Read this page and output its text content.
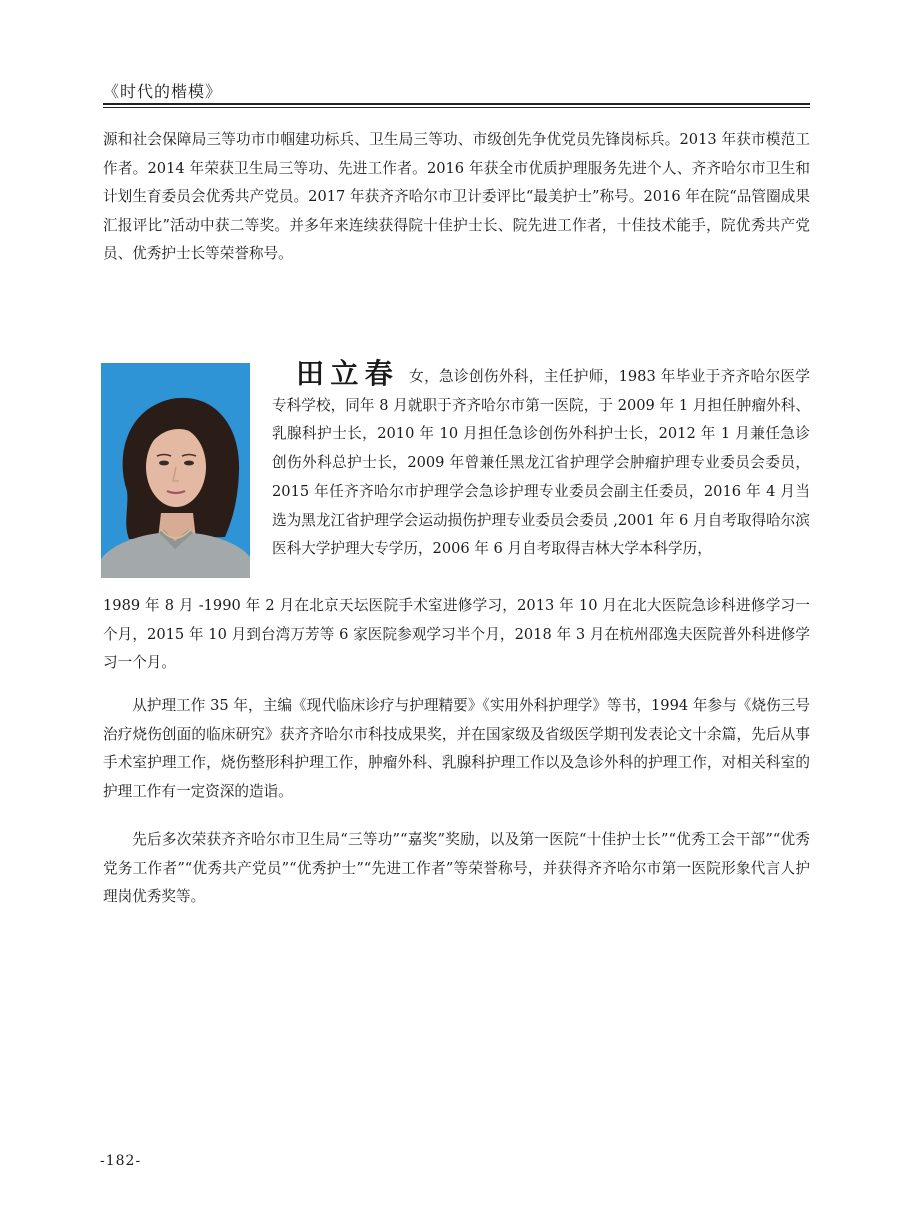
《时代的楷模》

源和社会保障局三等功市巾帼建功标兵、卫生局三等功、市级创先争优党员先锋岗标兵。2013 年获市模范工作者。2014 年荣获卫生局三等功、先进工作者。2016 年获全市优质护理服务先进个人、齐齐哈尔市卫生和计划生育委员会优秀共产党员。2017 年获齐齐哈尔市卫计委评比“最美护士”称号。2016 年在院“品管圈成果汇报评比”活动中获二等奖。并多年来连续获得院十佳护士长、院先进工作者，十佳技术能手，院优秀共产党员、优秀护士长等荣誉称号。

田立春 女，急诊创伤外科，主任护师，1983 年毕业于齐齐哈尔医学专科学校，同年 8 月就职于齐齐哈尔市第一医院，于 2009 年 1 月担任肿瘤外科、乳腺科护士长，2010 年 10 月担任急诊创伤外科护士长，2012 年 1 月兼任急诊创伤外科总护士长，2009 年曾兼任黑龙江省护理学会肿瘤护理专业委员会委员，2015 年任齐齐哈尔市护理学会急诊护理专业委员会副主任委员，2016 年 4 月当选为黑龙江省护理学会运动损伤护理专业委员会委员 ,2001 年 6 月自考取得哈尔滨医科大学护理大专学历，2006 年 6 月自考取得吉林大学本科学历，

1989 年 8 月 -1990 年 2 月在北京天坛医院手术室进修学习，2013 年 10 月在北大医院急诊科进修学习一个月，2015 年 10 月到台湾万芳等 6 家医院参观学习半个月，2018 年 3 月在杭州邵逸夫医院普外科进修学习一个月。

从护理工作 35 年，主编《现代临床诊疗与护理精要》《实用外科护理学》等书，1994 年参与《烧伤三号治疗烧伤创面的临床研究》获齐齐哈尔市科技成果奖，并在国家级及省级医学期刊发表论文十余篇，先后从事手术室护理工作，烧伤整形科护理工作，肿瘤外科、乳腺科护理工作以及急诊外科的护理工作，对相关科室的护理工作有一定资深的造诣。

先后多次荣获齐齐哈尔市卫生局“三等功”“嘉奖”奖励，以及第一医院“十佳护士长”“优秀工会干部”“优秀党务工作者”“优秀共产党员”“优秀护士”“先进工作者”等荣誉称号，并获得齐齐哈尔市第一医院形象代言人护理岗优秀奖等。

-182-
